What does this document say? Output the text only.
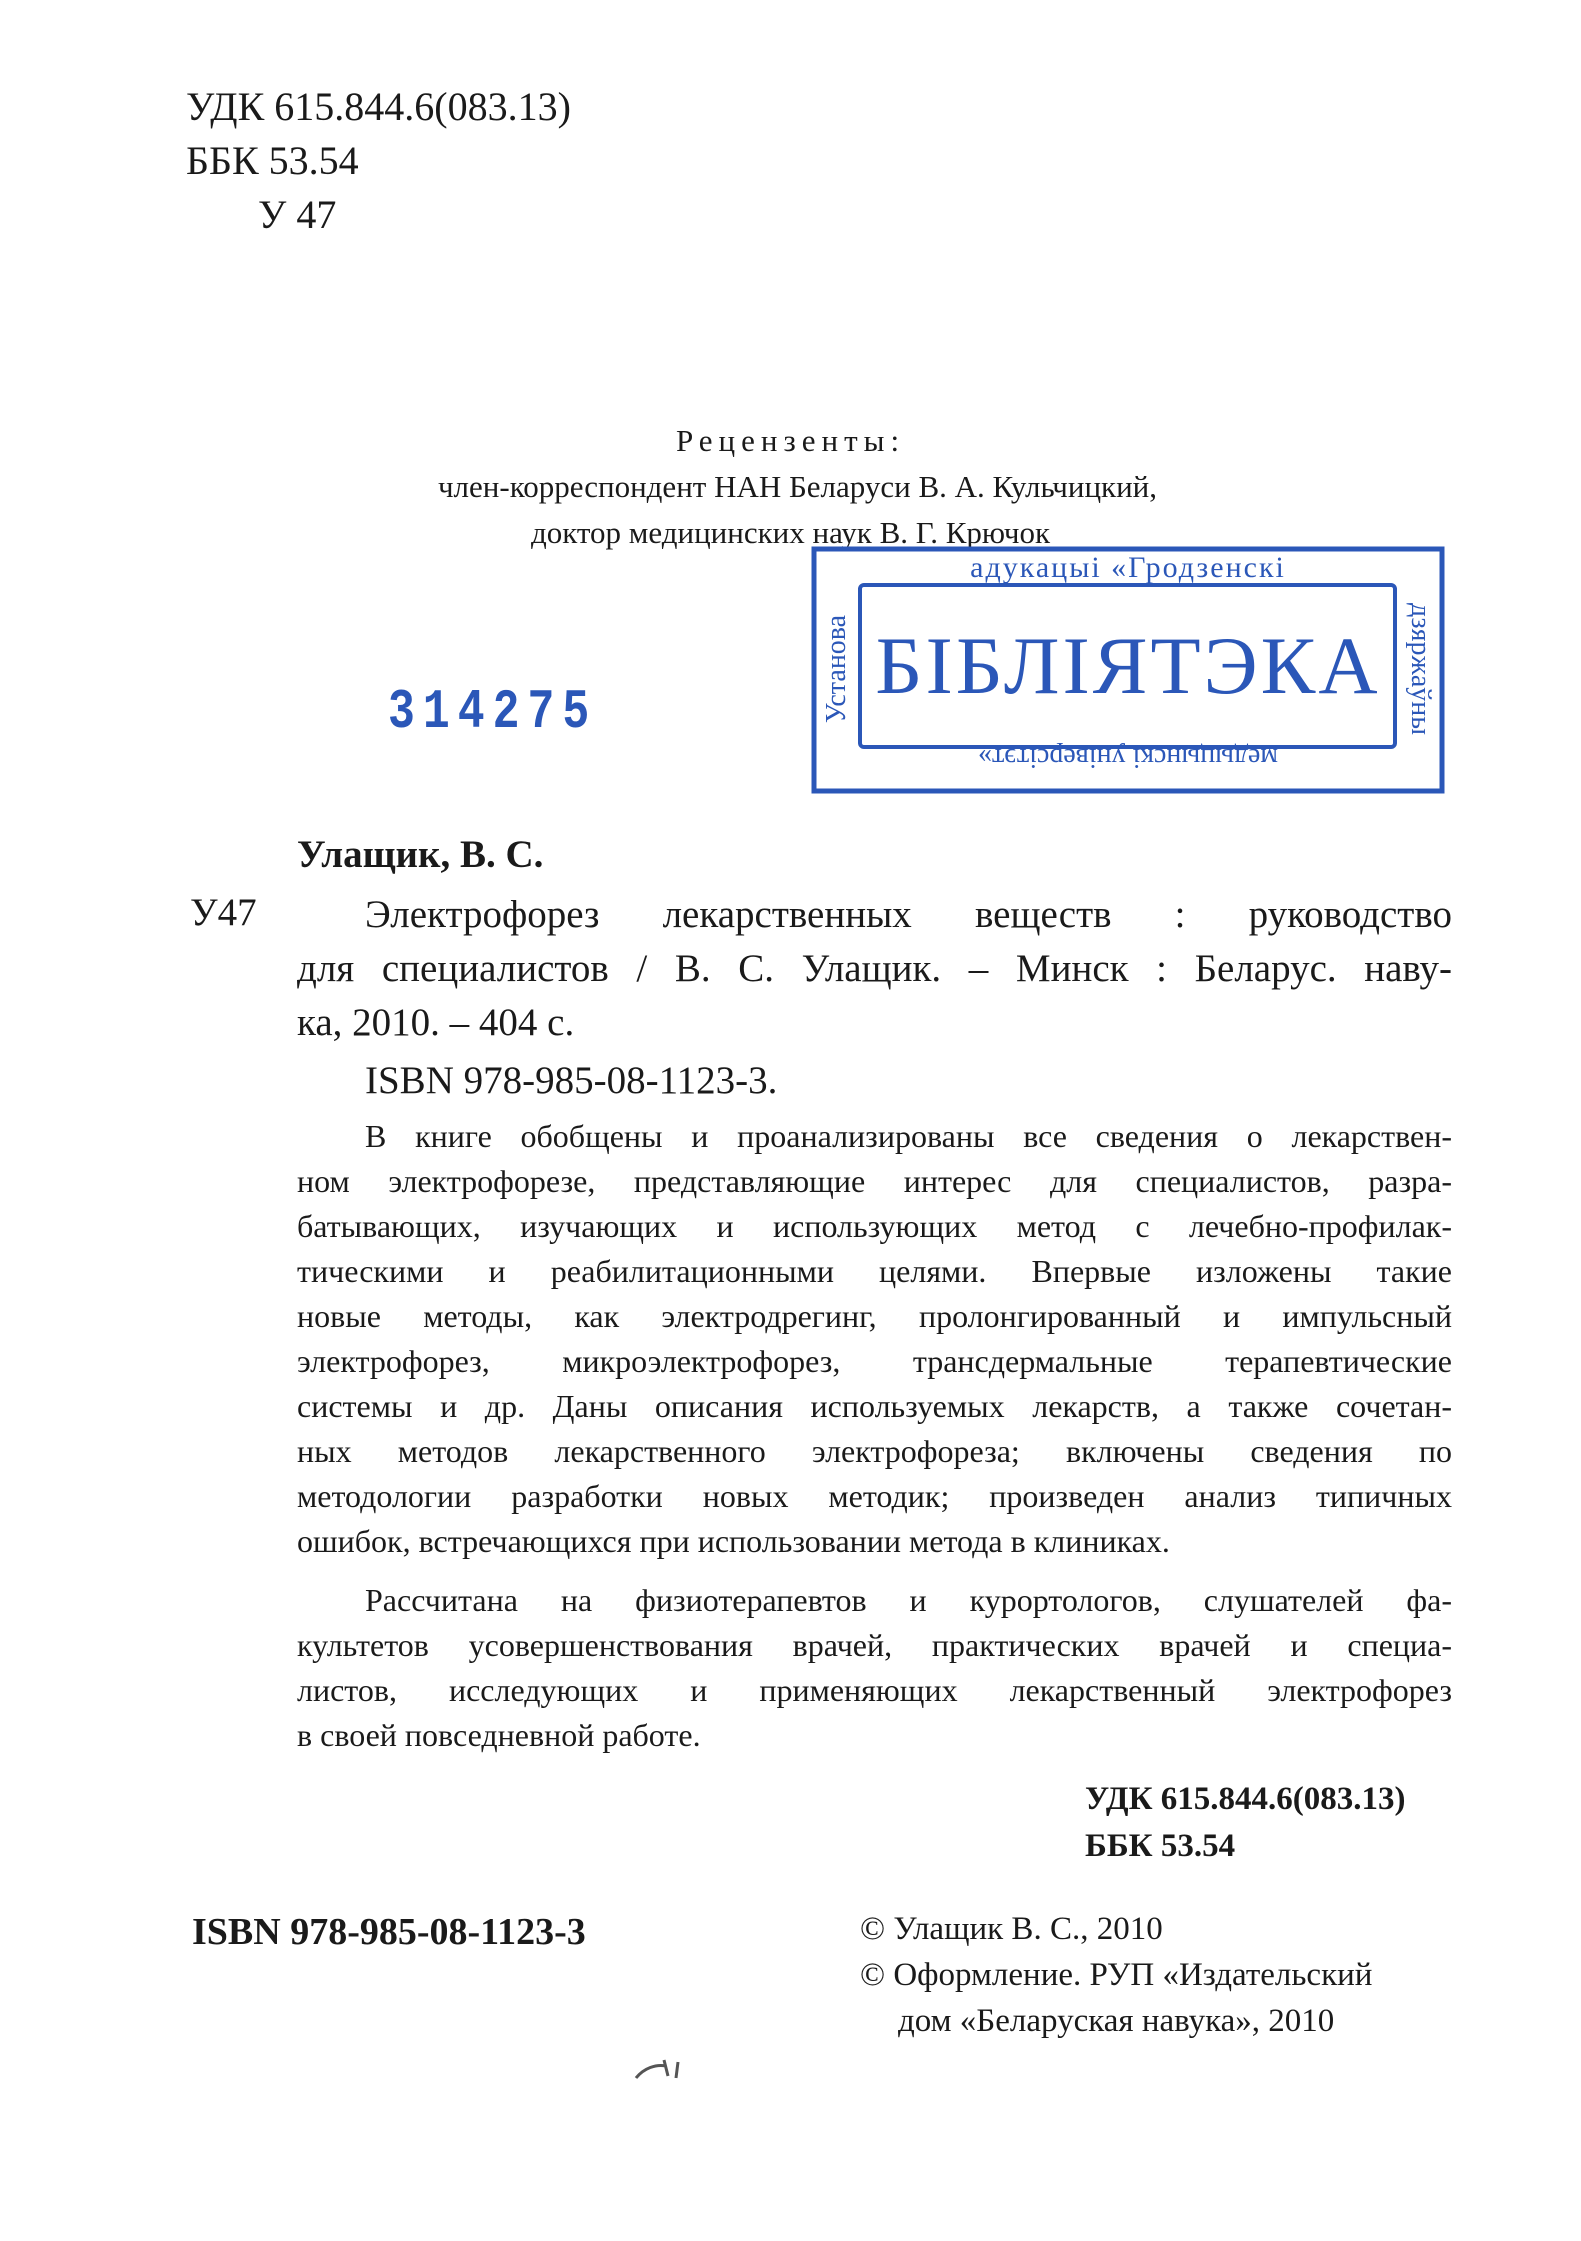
УДК 615.844.6(083.13)
ББК 53.54
У 47
Рецензенты:
член-корреспондент НАН Беларуси В. А. Кульчицкий,
доктор медицинских наук В. Г. Крючок
314275
адукацыі «Гродзенскі
БІБЛІЯТЭКА
медыцынскі універсітэт»
Установа	дзяржаўны
Улащик, В. С.
У47	Электрофорез лекарственных веществ : руководство
для специалистов / В. С. Улащик. – Минск : Беларус. наву-
ка, 2010. – 404 с.
ISBN 978-985-08-1123-3.
В книге обобщены и проанализированы все сведения о лекарствен-
ном электрофорезе, представляющие интерес для специалистов, разра-
батывающих, изучающих и использующих метод с лечебно-профилак-
тическими и реабилитационными целями. Впервые изложены такие
новые методы, как электродрегинг, пролонгированный и импульсный
электрофорез, микроэлектрофорез, трансдермальные терапевтические
системы и др. Даны описания используемых лекарств, а также сочетан-
ных методов лекарственного электрофореза; включены сведения по
методологии разработки новых методик; произведен анализ типичных
ошибок, встречающихся при использовании метода в клиниках.
Рассчитана на физиотерапевтов и курортологов, слушателей фа-
культетов усовершенствования врачей, практических врачей и специа-
листов, исследующих и применяющих лекарственный электрофорез
в своей повседневной работе.
УДК 615.844.6(083.13)
ББК 53.54
ISBN 978-985-08-1123-3	© Улащик В. С., 2010
© Оформление. РУП «Издательский
дом «Беларуская навука», 2010
